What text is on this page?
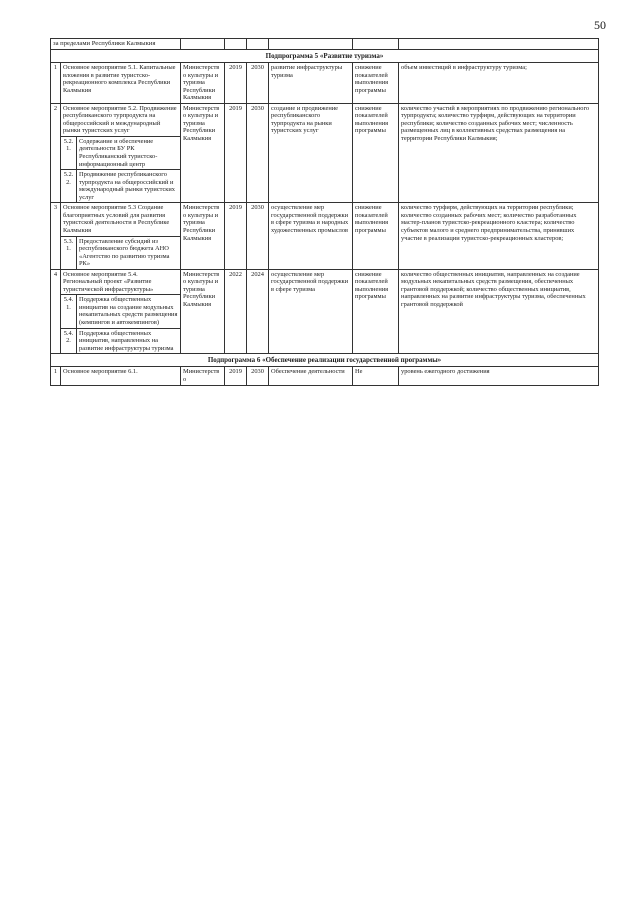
50
за пределами Республики Калмыкия								
Подпрограмма 5 «Развитие туризма»								
1	Основное мероприятие 5.1. Капитальные вложения в развитие туристско-рекреационного комплекса Республики Калмыкия		Министерство культуры и туризма Республики Калмыкия	2019	2030	развитие инфраструктуры туризма	снижение показателей выполнения программы	объем инвестиций в инфраструктуру туризма;
2	Основное мероприятие 5.2. Продвижение республиканского турпродукта на общероссийский и международный рынки туристских услуг		Министерство культуры и туризма Республики Калмыкия	2019	2030	создание и продвижение республиканского турпродукта на рынки туристских услуг	снижение показателей выполнения программы	количество участий в мероприятиях по продвижению регионального турпродукта; количество турфирм, действующих на территории республики; количество созданных рабочих мест; численность размещенных лиц в коллективных средствах размещения на территории Республики Калмыкия;
	5.2.1.	Содержание и обеспечение деятельности БУ РК Республиканский туристско-информационный центр						
	5.2.2.	Продвижение республиканского турпродукта на общероссийский и международный рынки туристских услуг						
3	Основное мероприятие 5.3 Создание благоприятных условий для развития туристской деятельности в Республике Калмыкия		Министерство культуры и туризма Республики Калмыкия	2019	2030	осуществление мер государственной поддержки в сфере туризма и народных художественных промыслов	снижение показателей выполнения программы	количество турфирм, действующих на территории республики; количество созданных рабочих мест; количество разработанных мастер-планов туристско-рекреационного кластера; количество субъектов малого и среднего предпринимательства, принявших участие в реализации туристско-рекреационных кластеров;
	5.3.1.	Предоставление субсидий из республиканского бюджета АНО «Агентство по развитию туризма РК»						
4	Основное мероприятие 5.4. Региональный проект «Развитие туристической инфраструктуры»		Министерство культуры и туризма Республики Калмыкия	2022	2024	осуществление мер государственной поддержки в сфере туризма	снижение показателей выполнения программы	количество общественных инициатив, направленных на создание модульных некапитальных средств размещения, обеспеченных грантовой поддержкой; количество общественных инициатив, направленных на развитие инфраструктуры туризма, обеспеченных грантовой поддержкой
	5.4.1.	Поддержка общественных инициатив на создание модульных некапитальных средств размещения (кемпингов и автокемпингов)						
	5.4.2.	Поддержка общественных инициатив, направленных на развитие инфраструктуры туризма						
Подпрограмма 6 «Обеспечение реализации государственной программы»								
1	Основное мероприятие 6.1.		Министерство	2019	2030	Обеспечение деятельности	Не	уровень ежегодного достижения
